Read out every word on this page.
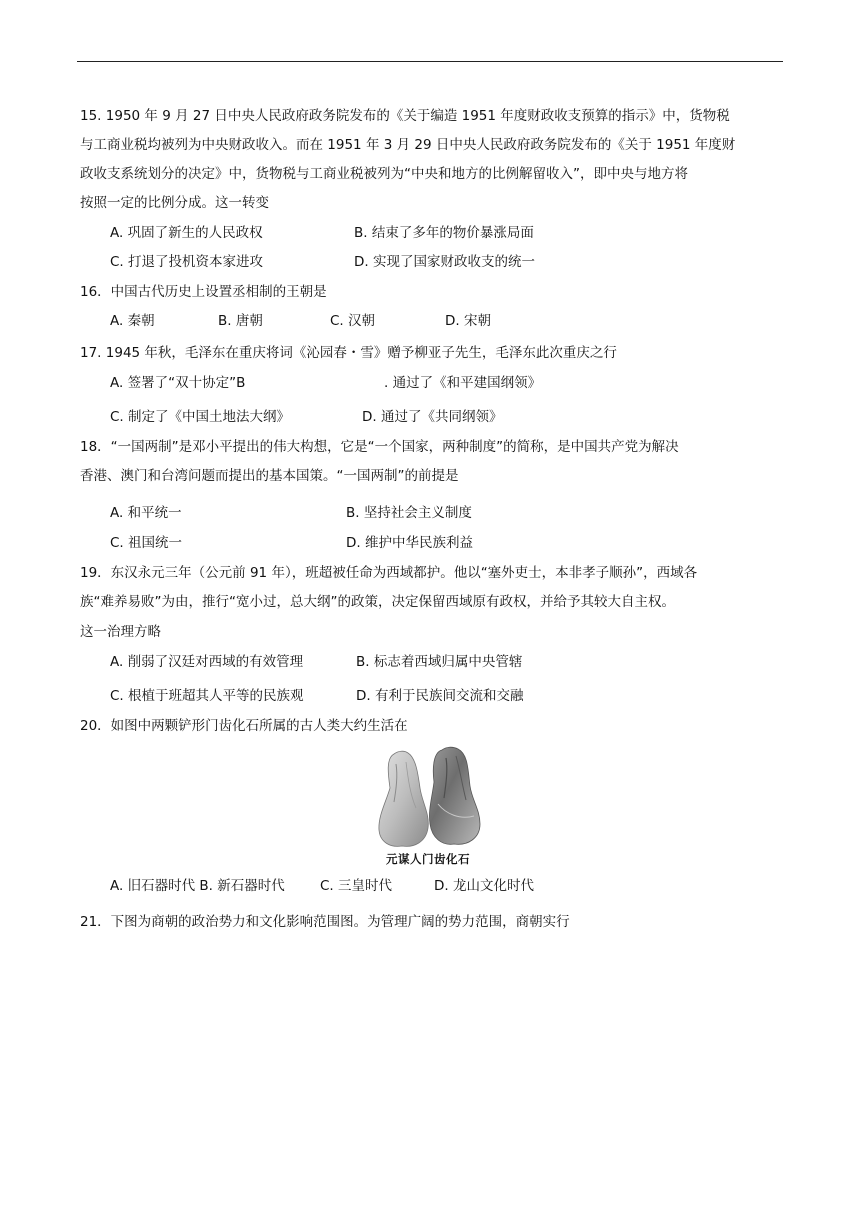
15. 1950 年 9 月 27 日中央人民政府政务院发布的《关于编造 1951 年度财政收支预算的指示》中，货物税
与工商业税均被列为中央财政收入。而在 1951 年 3 月 29 日中央人民政府政务院发布的《关于 1951 年度财
政收支系统划分的决定》中，货物税与工商业税被列为“中央和地方的比例解留收入”，即中央与地方将
按照一定的比例分成。这一转变
A. 巩固了新生的人民政权	B. 结束了多年的物价暴涨局面
C. 打退了投机资本家进攻	D. 实现了国家财政收支的统一
16．中国古代历史上设置丞相制的王朝是
A. 秦朝	B. 唐朝	C. 汉朝	D. 宋朝
17. 1945 年秋，毛泽东在重庆将词《沁园春・雪》赠予柳亚子先生，毛泽东此次重庆之行
A. 签署了“双十协定”B	. 通过了《和平建国纲领》
C. 制定了《中国土地法大纲》	D. 通过了《共同纲领》
18．“一国两制”是邓小平提出的伟大构想，它是“一个国家，两种制度”的简称，是中国共产党为解决
香港、澳门和台湾问题而提出的基本国策。“一国两制”的前提是
A. 和平统一	B. 坚持社会主义制度
C. 祖国统一	D. 维护中华民族利益
19．东汉永元三年（公元前 91 年），班超被任命为西域都护。他以“塞外吏士，本非孝子顺孙”，西域各
族“难养易败”为由，推行“宽小过，总大纲”的政策，决定保留西域原有政权，并给予其较大自主权。
这一治理方略
A. 削弱了汉廷对西域的有效管理	B. 标志着西域归属中央管辖
C. 根植于班超其人平等的民族观	D. 有利于民族间交流和交融
20．如图中两颗铲形门齿化石所属的古人类大约生活在
元谋人门齿化石
A. 旧石器时代 B. 新石器时代	C. 三皇时代	D. 龙山文化时代
21．下图为商朝的政治势力和文化影响范围图。为管理广阔的势力范围，商朝实行
